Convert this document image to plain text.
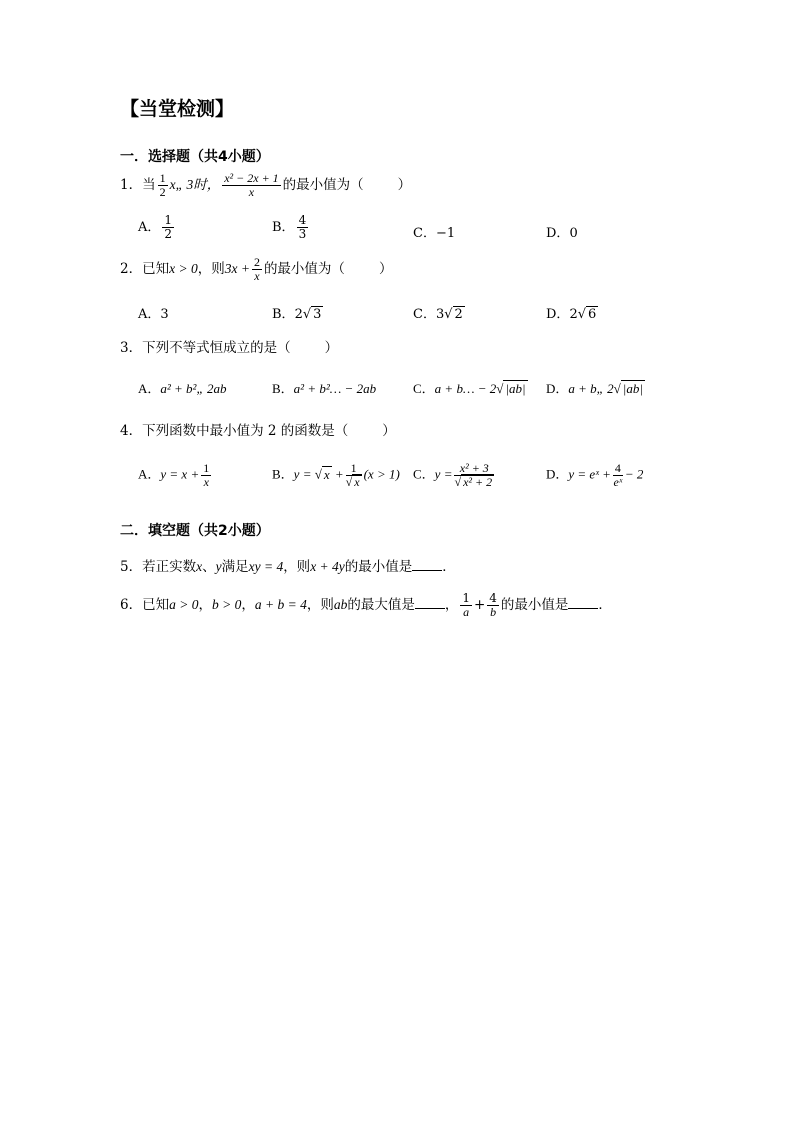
【当堂检测】
一．选择题（共4小题）
1．当 $\frac{1}{2}$ x„ 3时， $\frac{\text{x² − 2x + 1}}{x}$ 的最小值为（	）
A． $\frac{1}{2}$	B． $\frac{4}{3}$	C．−1	D．0
2．已知x > 0，则$3x + \frac{2}{x}$ 的最小值为（	）
A．3	B．2√ 3	C．3√ 2	D．2√ 6
3．下列不等式恒成立的是（	）
A．a² + b²„ 2ab	B．a² + b²… − 2ab	C．a + b… − 2√ |ab| D．a + b„ 2√ |ab|
4．下列函数中最小值为 2 的函数是（	）
A．$y = x + \frac{1}{x}$	B．y = √ $x + \frac{1}{√ x} (x > 1)$ C．$y = \frac{\text{x² + 3}}{\text{√ x² + 2}}$	D．y = eˣ + $\frac{4}{\text{eˣ}} - 2$
二．填空题（共2小题）
5．若正实数x、y满足xy = 4，则x + 4y的最小值是 ．
6．已知a > 0，b > 0，a + b = 4，则ab的最大值是 ， $\frac{1}{a} + \frac{4}{b}$ 的最小值是 ．
